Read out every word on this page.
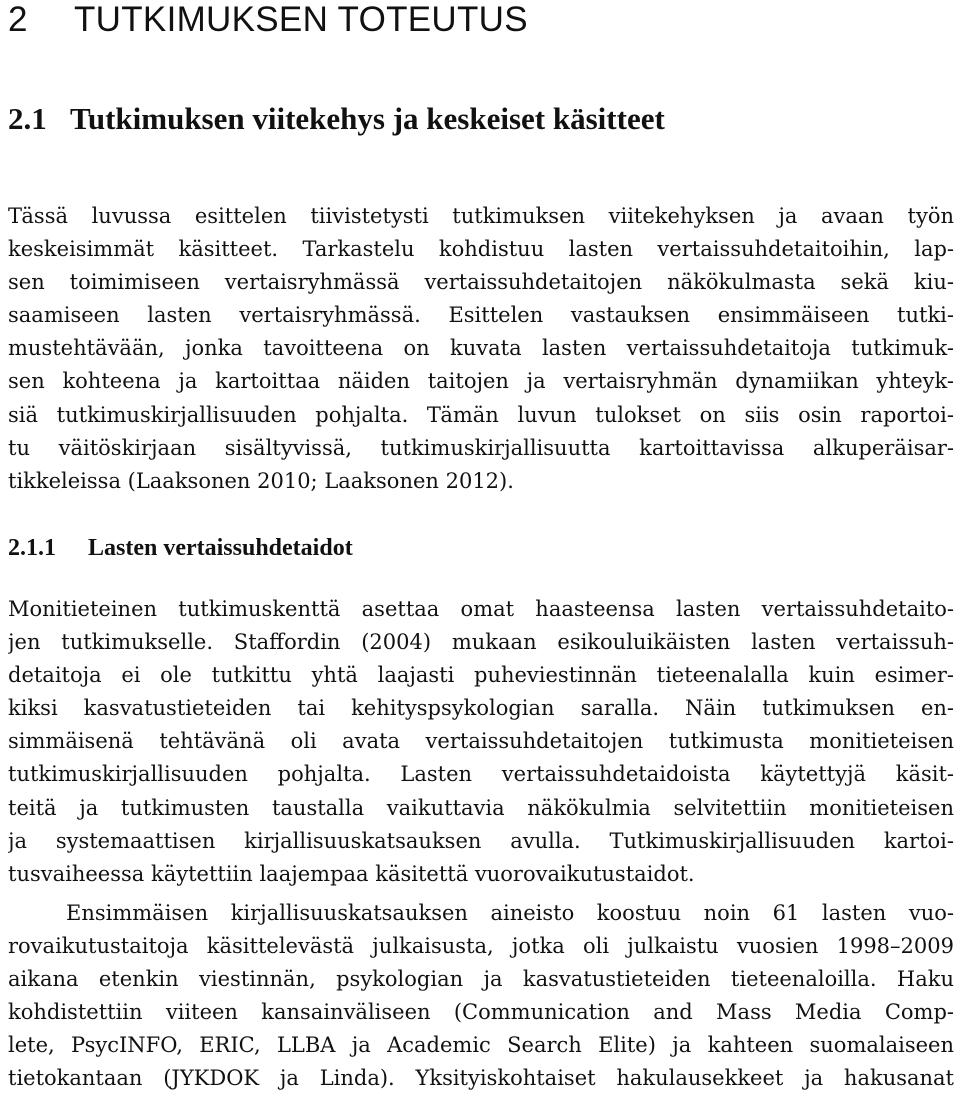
2 TUTKIMUKSEN TOTEUTUS
2.1 Tutkimuksen viitekehys ja keskeiset käsitteet

Tässä luvussa esittelen tiivistetysti tutkimuksen viitekehyksen ja avaan työn
keskeisimmät käsitteet. Tarkastelu kohdistuu lasten vertaissuhdetaitoihin, lap-
sen toimimiseen vertaisryhmässä vertaissuhdetaitojen näkökulmasta sekä kiu-
saamiseen lasten vertaisryhmässä. Esittelen vastauksen ensimmäiseen tutki-
mustehtävään, jonka tavoitteena on kuvata lasten vertaissuhdetaitoja tutkimuk-
sen kohteena ja kartoittaa näiden taitojen ja vertaisryhmän dynamiikan yhteyk-
siä tutkimuskirjallisuuden pohjalta. Tämän luvun tulokset on siis osin raportoi-
tu väitöskirjaan sisältyvissä, tutkimuskirjallisuutta kartoittavissa alkuperäisar-
tikkeleissa (Laaksonen 2010; Laaksonen 2012).

2.1.1 Lasten vertaissuhdetaidot

Monitieteinen tutkimuskenttä asettaa omat haasteensa lasten vertaissuhdetaito-
jen tutkimukselle. Staffordin (2004) mukaan esikouluikäisten lasten vertaissuh-
detaitoja ei ole tutkittu yhtä laajasti puheviestinnän tieteenalalla kuin esimer-
kiksi kasvatustieteiden tai kehityspsykologian saralla. Näin tutkimuksen en-
simmäisenä tehtävänä oli avata vertaissuhdetaitojen tutkimusta monitieteisen
tutkimuskirjallisuuden pohjalta. Lasten vertaissuhdetaidoista käytettyjä käsit-
teitä ja tutkimusten taustalla vaikuttavia näkökulmia selvitettiin monitieteisen
ja systemaattisen kirjallisuuskatsauksen avulla. Tutkimuskirjallisuuden kartoi-
tusvaiheessa käytettiin laajempaa käsitettä vuorovaikutustaidot.

Ensimmäisen kirjallisuuskatsauksen aineisto koostuu noin 61 lasten vuo-
rovaikutustaitoja käsittelevästä julkaisusta, jotka oli julkaistu vuosien 1998–2009
aikana etenkin viestinnän, psykologian ja kasvatustieteiden tieteenaloilla. Haku
kohdistettiin viiteen kansainväliseen (Communication and Mass Media Comp-
lete, PsycINFO, ERIC, LLBA ja Academic Search Elite) ja kahteen suomalaiseen
tietokantaan (JYKDOK ja Linda). Yksityiskohtaiset hakulausekkeet ja hakusanat
